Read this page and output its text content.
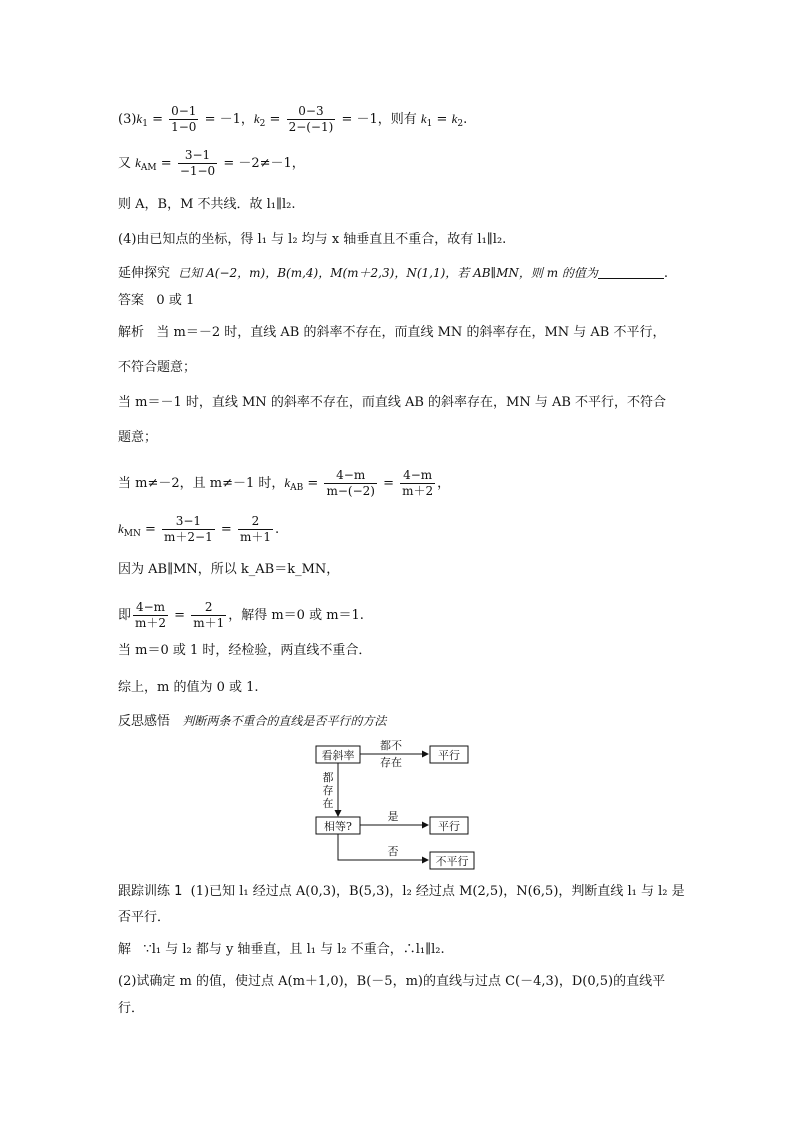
$(3)k_1 = \frac{0-1}{1-0} = -1$，$k_2 = \frac{0-3}{2-(-1)} = -1$，则有 $k_1 = k_2$.
又 $k_{AM} = \frac{3-1}{-1-0} = -2\ne-1$，
则 A，B，M 不共线．故 l₁∥l₂.
(4)由已知点的坐标，得 l₁ 与 l₂ 均与 x 轴垂直且不重合，故有 l₁∥l₂.
延伸探究 已知 A(−2，m)，B(m,4)，M(m＋2,3)，N(1,1)，若 AB∥MN，则 m 的值为	.
答案 0 或 1
解析 当 m＝－2 时，直线 AB 的斜率不存在，而直线 MN 的斜率存在，MN 与 AB 不平行，
不符合题意；
当 m＝－1 时，直线 MN 的斜率不存在，而直线 AB 的斜率存在，MN 与 AB 不平行，不符合
题意；
当 m≠－2，且 m≠－1 时，$k_{AB} = \frac{4-m}{m-(-2)} = \frac{4-m}{m+2}$ ，
$k_{MN} = \frac{3-1}{m+2-1} = \frac{2}{m+1}$ .
因为 AB∥MN，所以 k_AB＝k_MN，
即 $\frac{4-m}{m+2} = \frac{2}{m+1}$ ，解得 m＝0 或 m＝1.
当 m＝0 或 1 时，经检验，两直线不重合．
综上，m 的值为 0 或 1.
反思感悟 判断两条不重合的直线是否平行的方法
看斜率
都不
存在
平行
都
存
在
相等?
是
平行
否
不平行
跟踪训练 1 (1)已知 l₁ 经过点 A(0,3)，B(5,3)，l₂ 经过点 M(2,5)，N(6,5)，判断直线 l₁ 与 l₂ 是
否平行．
解 ∵l₁ 与 l₂ 都与 y 轴垂直，且 l₁ 与 l₂ 不重合，∴l₁∥l₂.
(2)试确定 m 的值，使过点 A(m＋1,0)，B(－5，m)的直线与过点 C(－4,3)，D(0,5)的直线平
行．
